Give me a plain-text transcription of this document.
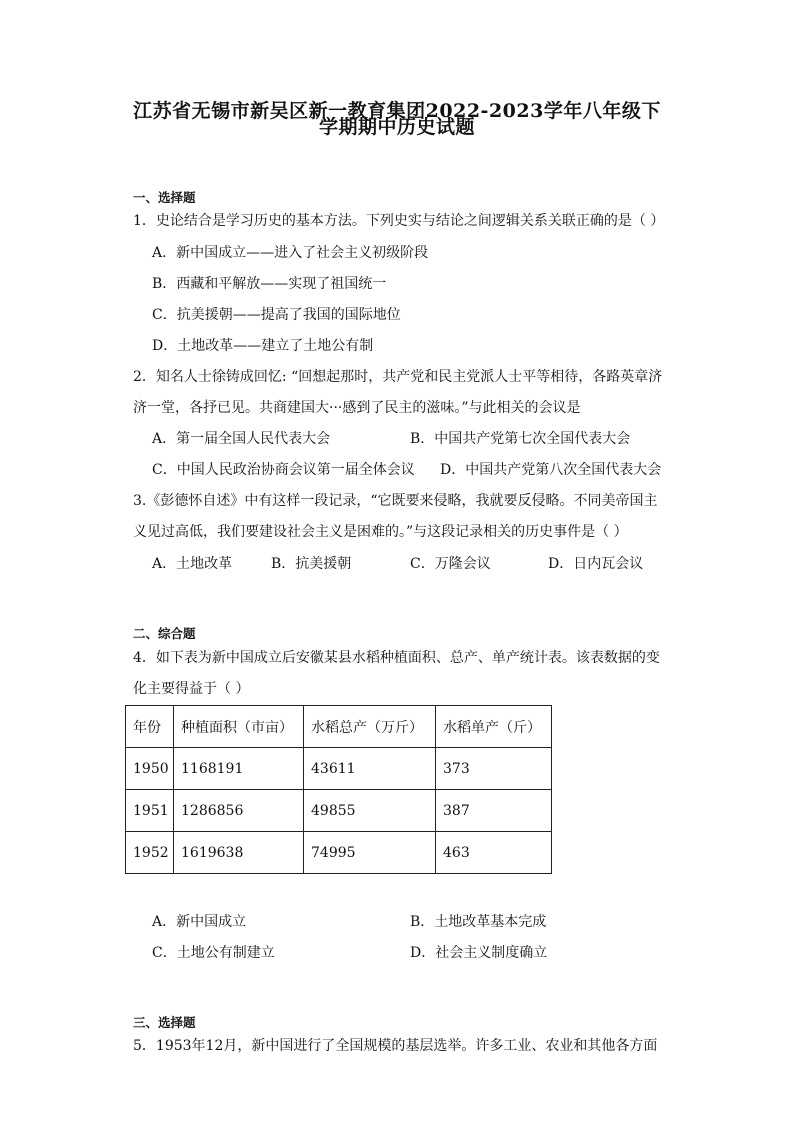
江苏省无锡市新吴区新一教育集团2022-2023学年八年级下
学期期中历史试题
一、选择题
1．史论结合是学习历史的基本方法。下列史实与结论之间逻辑关系关联正确的是（ ）
A．新中国成立——进入了社会主义初级阶段
B．西藏和平解放——实现了祖国统一
C．抗美援朝——提高了我国的国际地位
D．土地改革——建立了土地公有制
2．知名人士徐铸成回忆: “回想起那时，共产党和民主党派人士平等相待，各路英章济
济一堂，各抒已见。共商建国大···感到了民主的滋味。”与此相关的会议是
A．第一届全国人民代表大会	B．中国共产党第七次全国代表大会
C．中国人民政治协商会议第一届全体会议 D．中国共产党第八次全国代表大会
3.《彭德怀自述》中有这样一段记录，“它既要来侵略，我就要反侵略。不同美帝国主
义见过高低，我们要建设社会主义是困难的。”与这段记录相关的历史事件是（ ）
A．土地改革	B．抗美援朝	C．万隆会议	D．日内瓦会议
二、综合题
4．如下表为新中国成立后安徽某县水稻种植面积、总产、单产统计表。该表数据的变
化主要得益于（ ）
年份	种植面积（市亩）	水稻总产（万斤）	水稻单产（斤）
1950	1168191	43611	373
1951	1286856	49855	387
1952	1619638	74995	463
A．新中国成立	B．土地改革基本完成
C．土地公有制建立	D．社会主义制度确立
三、选择题
5．1953年12月，新中国进行了全国规模的基层选举。许多工业、农业和其他各方面
